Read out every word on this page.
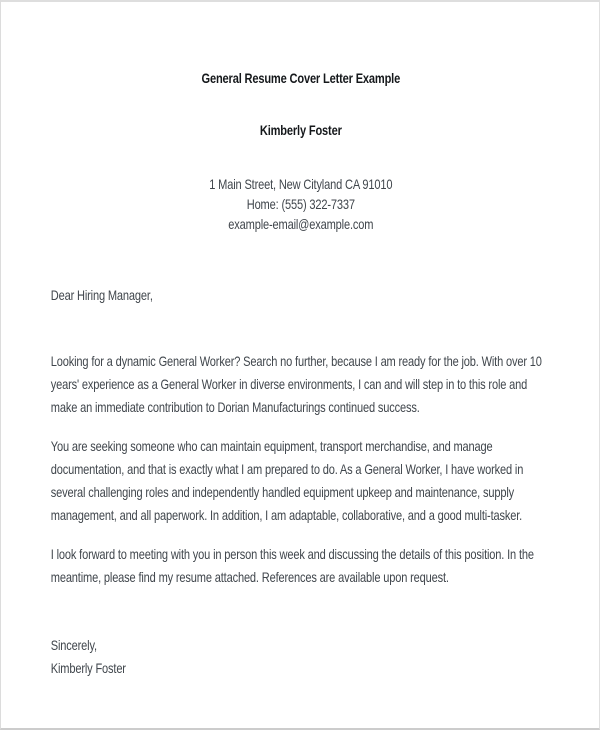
General Resume Cover Letter Example

Kimberly Foster

1 Main Street, New Cityland CA 91010
Home: (555) 322-7337
example-email@example.com

Dear Hiring Manager,

Looking for a dynamic General Worker? Search no further, because I am ready for the job. With over 10 years' experience as a General Worker in diverse environments, I can and will step in to this role and make an immediate contribution to Dorian Manufacturings continued success.

You are seeking someone who can maintain equipment, transport merchandise, and manage documentation, and that is exactly what I am prepared to do. As a General Worker, I have worked in several challenging roles and independently handled equipment upkeep and maintenance, supply management, and all paperwork. In addition, I am adaptable, collaborative, and a good multi-tasker.

I look forward to meeting with you in person this week and discussing the details of this position. In the meantime, please find my resume attached. References are available upon request.

Sincerely,

Kimberly Foster
